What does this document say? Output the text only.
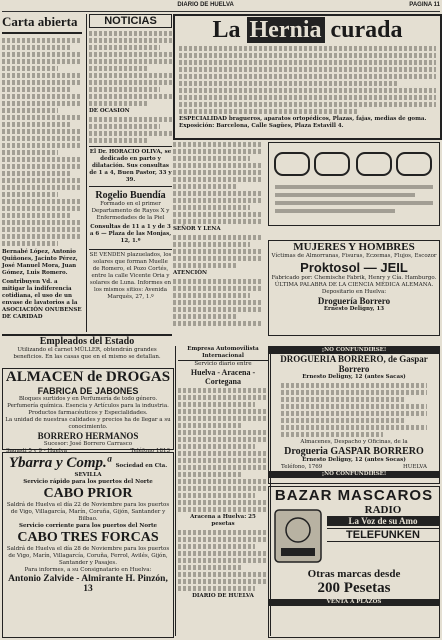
DIARIO DE HUELVA	PAGINA 11
Carta abierta
Bernabé López, Antonio Quiñones, Jacinto Pérez, José Manuel Mora, Juan Gómez, Luis Romero.
Contribuyen Vd. a mitigar la indiferencia cotidiana, el uso de un envase de lavatorios a la ASOCIACIÓN ONUBENSE DE CARIDAD
NOTICIAS
DE OCASION
El Dr. HORACIO OLIVA, se dedicado en parto y dilatación. Sus consultas de 1 a 4, Buen Pastor, 33 y 39.
Rogelio Buendía
Formado en el primer Departamento de Rayos X y Enfermedades de la Piel
Consultas de 11 a 1 y de 3 a 6 — Plaza de las Monjas, 12, 1.º
SE VENDEN plazuelados, los solares que forman Muelle de Romero, el Pozo Cortés, entre la calle Vicente Oria y solares de Luna. Informes en los mismos sitios: Avenida Marqués, 27, 1.º
La Hernia curada
ESPECIALIDAD bragueros, aparatos ortopédicos, Plazas, fajas, medias de goma. Exposición: Barcelona, Calle Sagües, Plaza Estavill 4.
SEÑOR Y LENA
ATENCIÓN
MUJERES Y HOMBRES
Víctimas de Almorranas, Fisuras, Eczemas, Flujos, Escozor
Proktosol — JEIL
Fabricado por: Chemische Fabrik, Henry y Cía. Hamburgo. ÚLTIMA PALABRA DE LA CIENCIA MÉDICA ALEMANA.
Depositario en Huelva:
Droguería Borrero
Ernesto Deligny, 13
Empleados del Estado
Utilizando el carnet MÜLLER, obtendrán grandes beneficios. En las casas que en el mismo se detallan.
ALMACEN de DROGAS
FABRICA DE JABONES
Bloques surtidos y en Perfumería de todo género. Perfumería química. Esencia y Artículos para la industria. Productos farmacéuticos y Especialidades.
La unidad de nuestras calidades y precios ha de llegar a su conocimiento.
BORRERO HERMANOS
Sucesor: José Borrero Carrasco
Sagasti 5 y 9 - Huelva	Teléfono 1813
Ybarra y Comp.ª Sociedad en Cta.
SEVILLA
Servicio rápido para los puertos del Norte
CABO PRIOR
Saldrá de Huelva el día 22 de Noviembre para los puertos de Vigo, Villagarcía, Marín, Coruña, Gijón, Santander y Bilbao.
Servicio corriente para los puertos del Norte
CABO TRES FORCAS
Saldrá de Huelva el día 28 de Noviembre para los puertos de Vigo, Marín, Villagarcía, Coruña, Ferrol, Avilés, Gijón, Santander y Pasajes.
Para informes, a su Consignatario en Huelva:
Antonio Zalvide - Almirante H. Pinzón, 13
Empresa Automovilista Internacional
Servicio diario entre
Huelva - Aracena - Cortegana
Aracena a Huelva: 25 pesetas
DIARIO DE HUELVA
¡NO CONFUNDIRSE!
DROGUERIA BORRERO, de Gaspar Borrero
Ernesto Deligny, 12 (antes Sacas)
Almacenes, Despacho y Oficinas, de la
Drogueria GASPAR BORRERO
Ernesto Deligny, 12 (antes Socas)
Teléfono, 1769	HUELVA
¡NO CONFUNDIRSE!
BAZAR MASCAROS
RADIO
La Voz de su Amo
TELEFUNKEN
Otras marcas desde
200 Pesetas
VENTA A PLAZOS
